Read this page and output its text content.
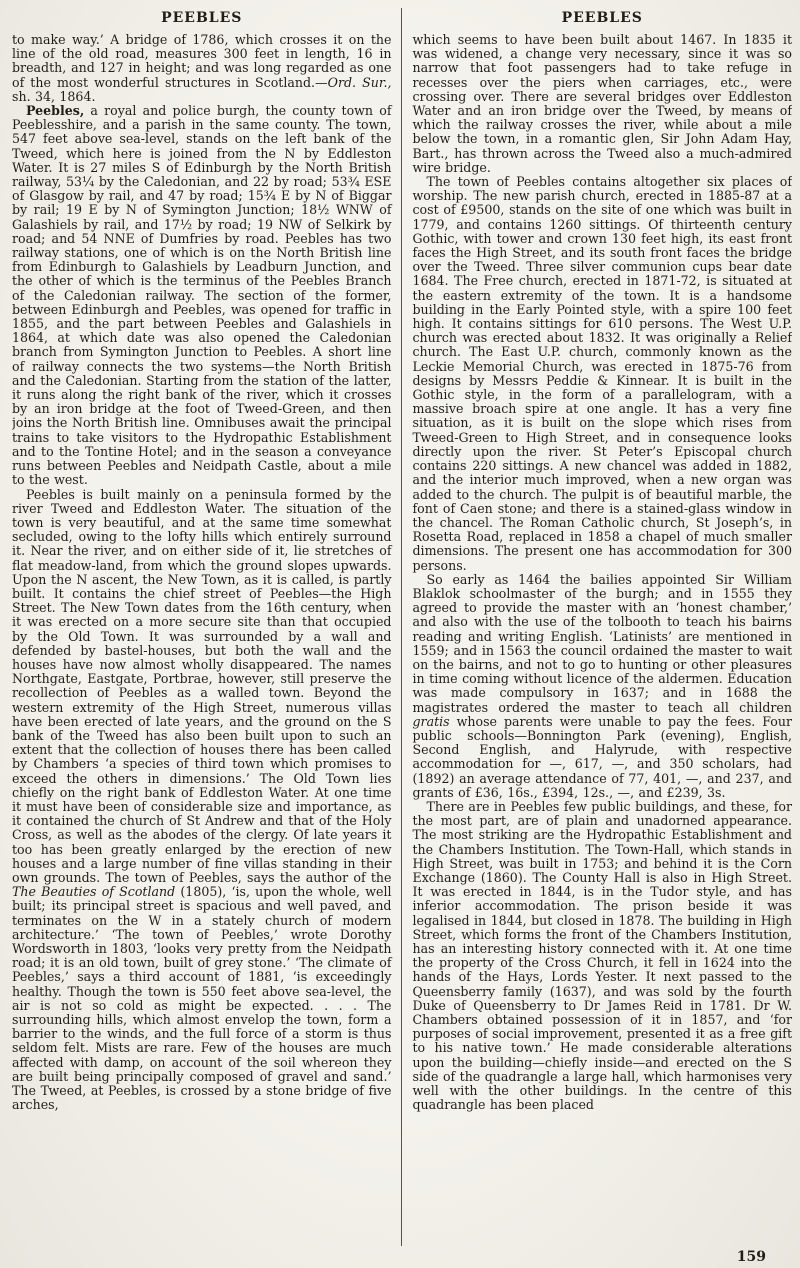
PEEBLES

to make way.’ A bridge of 1786, which crosses it on the line of the old road, measures 300 feet in length, 16 in breadth, and 127 in height; and was long regarded as one of the most wonderful structures in Scotland.—Ord. Sur., sh. 34, 1864.

Peebles, a royal and police burgh, the county town of Peeblesshire, and a parish in the same county. The town, 547 feet above sea-level, stands on the left bank of the Tweed, which here is joined from the N by Eddleston Water. It is 27 miles S of Edinburgh by the North British railway, 53¼ by the Caledonian, and 22 by road; 53¾ ESE of Glasgow by rail, and 47 by road; 15¾ E by N of Biggar by rail; 19 E by N of Symington Junction; 18½ WNW of Galashiels by rail, and 17½ by road; 19 NW of Selkirk by road; and 54 NNE of Dumfries by road. Peebles has two railway stations, one of which is on the North British line from Edinburgh to Galashiels by Leadburn Junction, and the other of which is the terminus of the Peebles Branch of the Caledonian railway. The section of the former, between Edinburgh and Peebles, was opened for traffic in 1855, and the part between Peebles and Galashiels in 1864, at which date was also opened the Caledonian branch from Symington Junction to Peebles. A short line of railway connects the two systems—the North British and the Caledonian. Starting from the station of the latter, it runs along the right bank of the river, which it crosses by an iron bridge at the foot of Tweed-Green, and then joins the North British line. Omnibuses await the principal trains to take visitors to the Hydropathic Establishment and to the Tontine Hotel; and in the season a conveyance runs between Peebles and Neidpath Castle, about a mile to the west.

Peebles is built mainly on a peninsula formed by the river Tweed and Eddleston Water. The situation of the town is very beautiful, and at the same time somewhat secluded, owing to the lofty hills which entirely surround it. Near the river, and on either side of it, lie stretches of flat meadow-land, from which the ground slopes upwards. Upon the N ascent, the New Town, as it is called, is partly built. It contains the chief street of Peebles—the High Street. The New Town dates from the 16th century, when it was erected on a more secure site than that occupied by the Old Town. It was surrounded by a wall and defended by bastel-houses, but both the wall and the houses have now almost wholly disappeared. The names Northgate, Eastgate, Portbrae, however, still preserve the recollection of Peebles as a walled town. Beyond the western extremity of the High Street, numerous villas have been erected of late years, and the ground on the S bank of the Tweed has also been built upon to such an extent that the collection of houses there has been called by Chambers ‘a species of third town which promises to exceed the others in dimensions.’ The Old Town lies chiefly on the right bank of Eddleston Water. At one time it must have been of considerable size and importance, as it contained the church of St Andrew and that of the Holy Cross, as well as the abodes of the clergy. Of late years it too has been greatly enlarged by the erection of new houses and a large number of fine villas standing in their own grounds. The town of Peebles, says the author of the The Beauties of Scotland (1805), ‘is, upon the whole, well built; its principal street is spacious and well paved, and terminates on the W in a stately church of modern architecture.’ ‘The town of Peebles,’ wrote Dorothy Wordsworth in 1803, ‘looks very pretty from the Neidpath road; it is an old town, built of grey stone.’ ‘The climate of Peebles,’ says a third account of 1881, ‘is exceedingly healthy. Though the town is 550 feet above sea-level, the air is not so cold as might be expected. . . . The surrounding hills, which almost envelop the town, form a barrier to the winds, and the full force of a storm is thus seldom felt. Mists are rare. Few of the houses are much affected with damp, on account of the soil whereon they are built being principally composed of gravel and sand.’ The Tweed, at Peebles, is crossed by a stone bridge of five arches,

PEEBLES

which seems to have been built about 1467. In 1835 it was widened, a change very necessary, since it was so narrow that foot passengers had to take refuge in recesses over the piers when carriages, etc., were crossing over. There are several bridges over Eddleston Water and an iron bridge over the Tweed, by means of which the railway crosses the river, while about a mile below the town, in a romantic glen, Sir John Adam Hay, Bart., has thrown across the Tweed also a much-admired wire bridge.

The town of Peebles contains altogether six places of worship. The new parish church, erected in 1885-87 at a cost of £9500, stands on the site of one which was built in 1779, and contains 1260 sittings. Of thirteenth century Gothic, with tower and crown 130 feet high, its east front faces the High Street, and its south front faces the bridge over the Tweed. Three silver communion cups bear date 1684. The Free church, erected in 1871-72, is situated at the eastern extremity of the town. It is a handsome building in the Early Pointed style, with a spire 100 feet high. It contains sittings for 610 persons. The West U.P. church was erected about 1832. It was originally a Relief church. The East U.P. church, commonly known as the Leckie Memorial Church, was erected in 1875-76 from designs by Messrs Peddie & Kinnear. It is built in the Gothic style, in the form of a parallelogram, with a massive broach spire at one angle. It has a very fine situation, as it is built on the slope which rises from Tweed-Green to High Street, and in consequence looks directly upon the river. St Peter’s Episcopal church contains 220 sittings. A new chancel was added in 1882, and the interior much improved, when a new organ was added to the church. The pulpit is of beautiful marble, the font of Caen stone; and there is a stained-glass window in the chancel. The Roman Catholic church, St Joseph’s, in Rosetta Road, replaced in 1858 a chapel of much smaller dimensions. The present one has accommodation for 300 persons.

So early as 1464 the bailies appointed Sir William Blaklok schoolmaster of the burgh; and in 1555 they agreed to provide the master with an ‘honest chamber,’ and also with the use of the tolbooth to teach his bairns reading and writing English. ‘Latinists’ are mentioned in 1559; and in 1563 the council ordained the master to wait on the bairns, and not to go to hunting or other pleasures in time coming without licence of the aldermen. Education was made compulsory in 1637; and in 1688 the magistrates ordered the master to teach all children gratis whose parents were unable to pay the fees. Four public schools—Bonnington Park (evening), English, Second English, and Halyrude, with respective accommodation for —, 617, —, and 350 scholars, had (1892) an average attendance of 77, 401, —, and 237, and grants of £36, 16s., £394, 12s., —, and £239, 3s.

There are in Peebles few public buildings, and these, for the most part, are of plain and unadorned appearance. The most striking are the Hydropathic Establishment and the Chambers Institution. The Town-Hall, which stands in High Street, was built in 1753; and behind it is the Corn Exchange (1860). The County Hall is also in High Street. It was erected in 1844, is in the Tudor style, and has inferior accommodation. The prison beside it was legalised in 1844, but closed in 1878. The building in High Street, which forms the front of the Chambers Institution, has an interesting history connected with it. At one time the property of the Cross Church, it fell in 1624 into the hands of the Hays, Lords Yester. It next passed to the Queensberry family (1637), and was sold by the fourth Duke of Queensberry to Dr James Reid in 1781. Dr W. Chambers obtained possession of it in 1857, and ‘for purposes of social improvement, presented it as a free gift to his native town.’ He made considerable alterations upon the building—chiefly inside—and erected on the S side of the quadrangle a large hall, which harmonises very well with the other buildings. In the centre of this quadrangle has been placed

159
